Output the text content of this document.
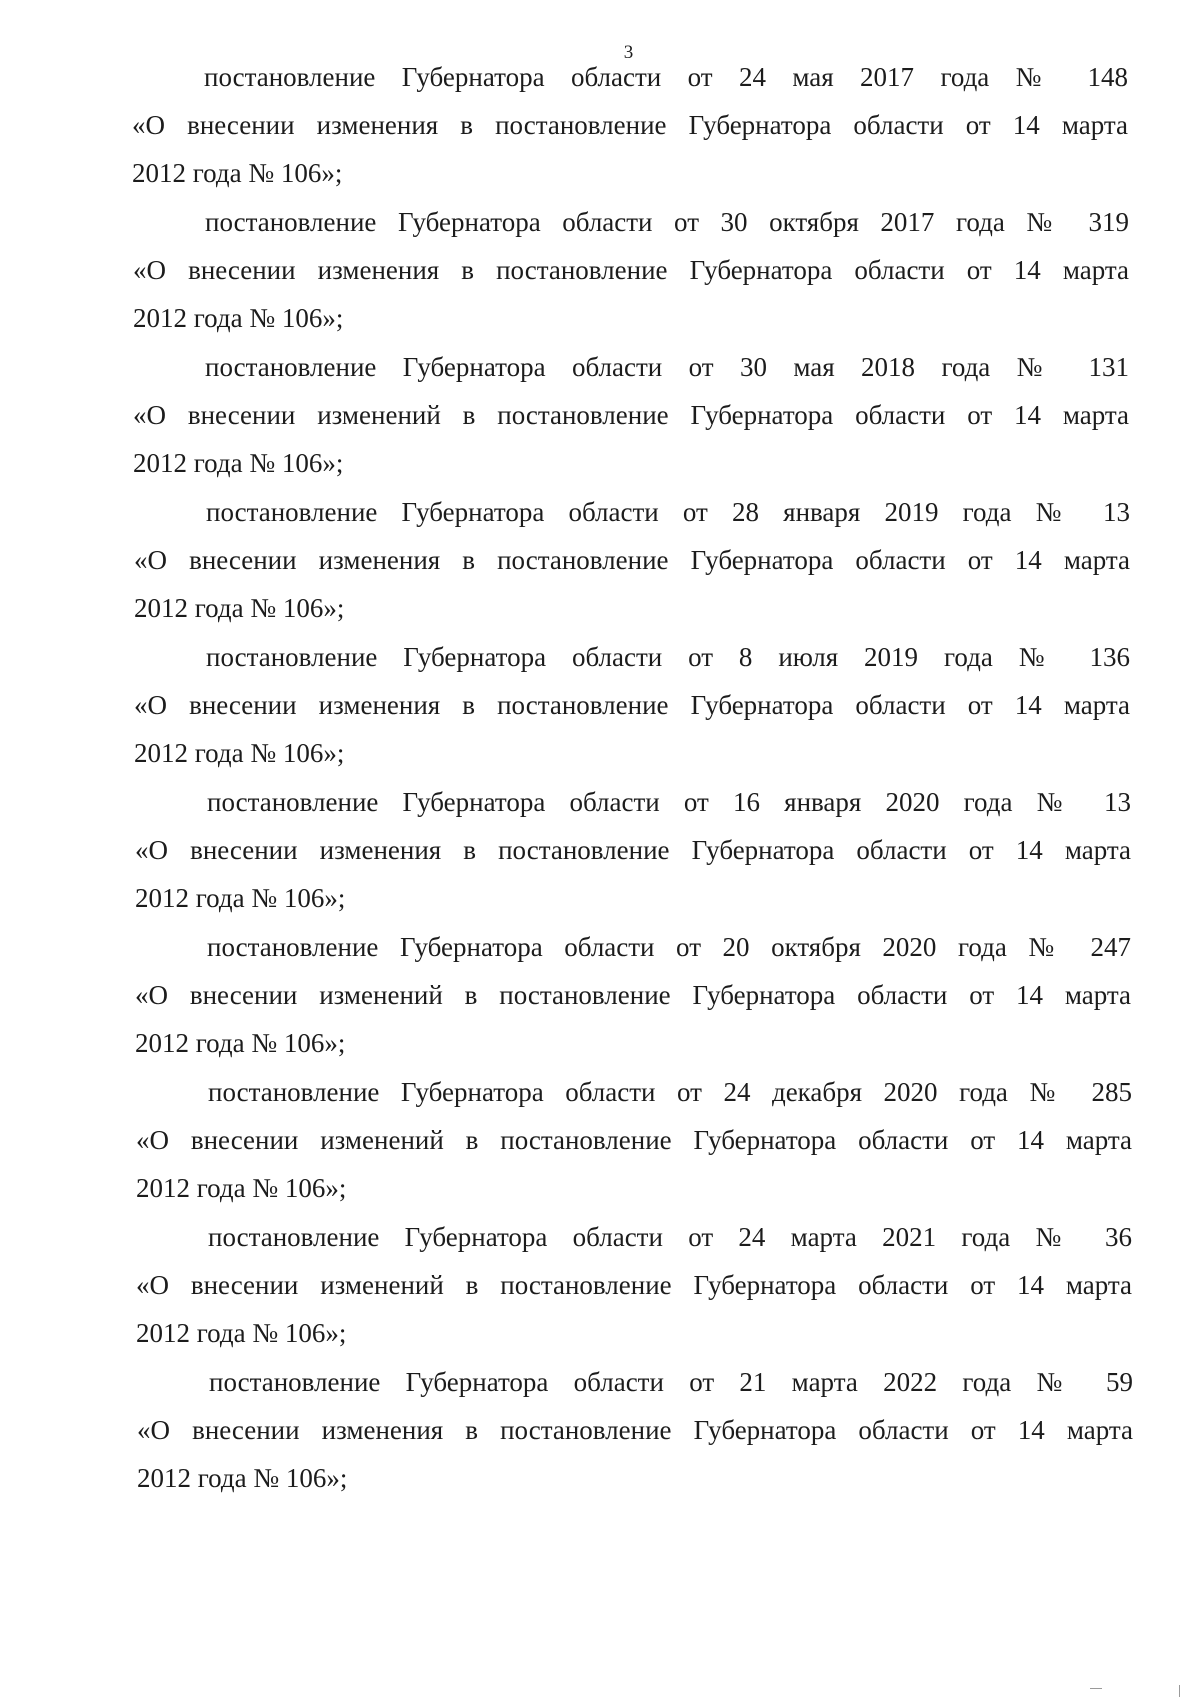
3
постановление Губернатора области от 24 мая 2017 года № 148
«О внесении изменения в постановление Губернатора области от 14 марта
2012 года № 106»;
постановление Губернатора области от 30 октября 2017 года № 319
«О внесении изменения в постановление Губернатора области от 14 марта
2012 года № 106»;
постановление Губернатора области от 30 мая 2018 года № 131
«О внесении изменений в постановление Губернатора области от 14 марта
2012 года № 106»;
постановление Губернатора области от 28 января 2019 года № 13
«О внесении изменения в постановление Губернатора области от 14 марта
2012 года № 106»;
постановление Губернатора области от 8 июля 2019 года № 136
«О внесении изменения в постановление Губернатора области от 14 марта
2012 года № 106»;
постановление Губернатора области от 16 января 2020 года № 13
«О внесении изменения в постановление Губернатора области от 14 марта
2012 года № 106»;
постановление Губернатора области от 20 октября 2020 года № 247
«О внесении изменений в постановление Губернатора области от 14 марта
2012 года № 106»;
постановление Губернатора области от 24 декабря 2020 года № 285
«О внесении изменений в постановление Губернатора области от 14 марта
2012 года № 106»;
постановление Губернатора области от 24 марта 2021 года № 36
«О внесении изменений в постановление Губернатора области от 14 марта
2012 года № 106»;
постановление Губернатора области от 21 марта 2022 года № 59
«О внесении изменения в постановление Губернатора области от 14 марта
2012 года № 106»;
